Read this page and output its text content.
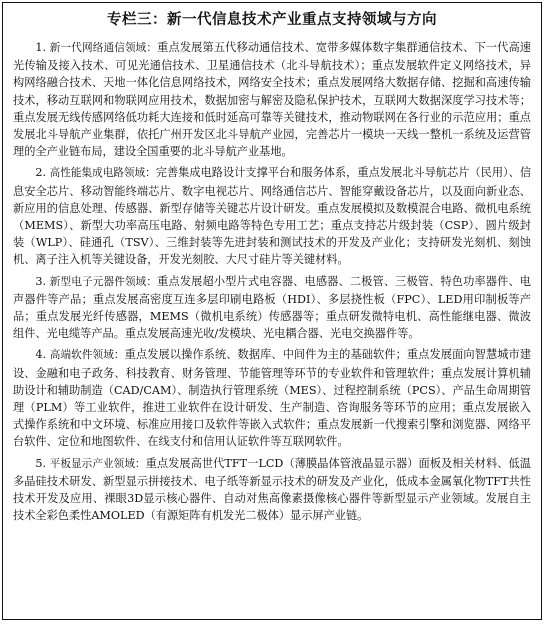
专栏三：新一代信息技术产业重点支持领域与方向

1. 新一代网络通信领域：重点发展第五代移动通信技术、宽带多媒体数字集群通信技术、下一代高速光传输及接入技术、可见光通信技术、卫星通信技术（北斗导航技术）；重点发展软件定义网络技术，异构网络融合技术、天地一体化信息网络技术，网络安全技术；重点发展网络大数据存储、挖掘和高速传输技术，移动互联网和物联网应用技术，数据加密与解密及隐私保护技术，互联网大数据深度学习技术等；重点发展无线传感网络低功耗大连接和低时延高可靠等关键技术，推动物联网在各行业的示范应用；重点发展北斗导航产业集群，依托广州开发区北斗导航产业园，完善芯片一模块一天线一整机一系统及运营管理的全产业链布局，建设全国重要的北斗导航产业基地。

2. 高性能集成电路领域：完善集成电路设计支撑平台和服务体系，重点发展北斗导航芯片（民用）、信息安全芯片、移动智能终端芯片、数字电视芯片、网络通信芯片、智能穿戴设备芯片，以及面向新业态、新应用的信息处理、传感器、新型存储等关键芯片设计研发。重点发展模拟及数模混合电路、微机电系统（MEMS）、新型大功率高压电路、射频电路等特色专用工艺；重点支持芯片级封装（CSP）、圆片级封装（WLP）、硅通孔（TSV）、三维封装等先进封装和测试技术的开发及产业化；支持研发光刻机、刻蚀机、离子注入机等关键设备，开发光刻胶、大尺寸硅片等关键材料。

3. 新型电子元器件领域：重点发展超小型片式电容器、电感器、二极管、三极管、特色功率器件、电声器件等产品；重点发展高密度互连多层印刷电路板（HDI）、多层挠性板（FPC）、LED用印制板等产品；重点发展光纤传感器，MEMS（微机电系统）传感器等；重点研发微特电机、高性能继电器、微波组件、光电缆等产品。重点发展高速光收/发模块、光电耦合器、光电交换器件等。

4. 高端软件领域：重点发展以操作系统、数据库、中间件为主的基础软件；重点发展面向智慧城市建设、金融和电子政务、科技教育、财务管理、节能管理等环节的专业软件和管理软件；重点发展计算机辅助设计和辅助制造（CAD/CAM）、制造执行管理系统（MES）、过程控制系统（PCS）、产品生命周期管理（PLM）等工业软件，推进工业软件在设计研发、生产制造、咨询服务等环节的应用；重点发展嵌入式操作系统和中文环境、标准应用接口及软件等嵌入式软件；重点发展新一代搜索引擎和浏览器、网络平台软件、定位和地图软件、在线支付和信用认证软件等互联网软件。

5. 平板显示产业领域：重点发展高世代TFT一LCD（薄膜晶体管液晶显示器）面板及相关材料、低温多晶硅技术研发、新型显示拼接技术、电子纸等新显示技术的研发及产业化，低成本金属氧化物TFT共性技术开发及应用、裸眼3D显示核心器件、自动对焦高像素摄像核心器件等新型显示产业领域。发展自主技术全彩色柔性AMOLED（有源矩阵有机发光二极体）显示屏产业链。
